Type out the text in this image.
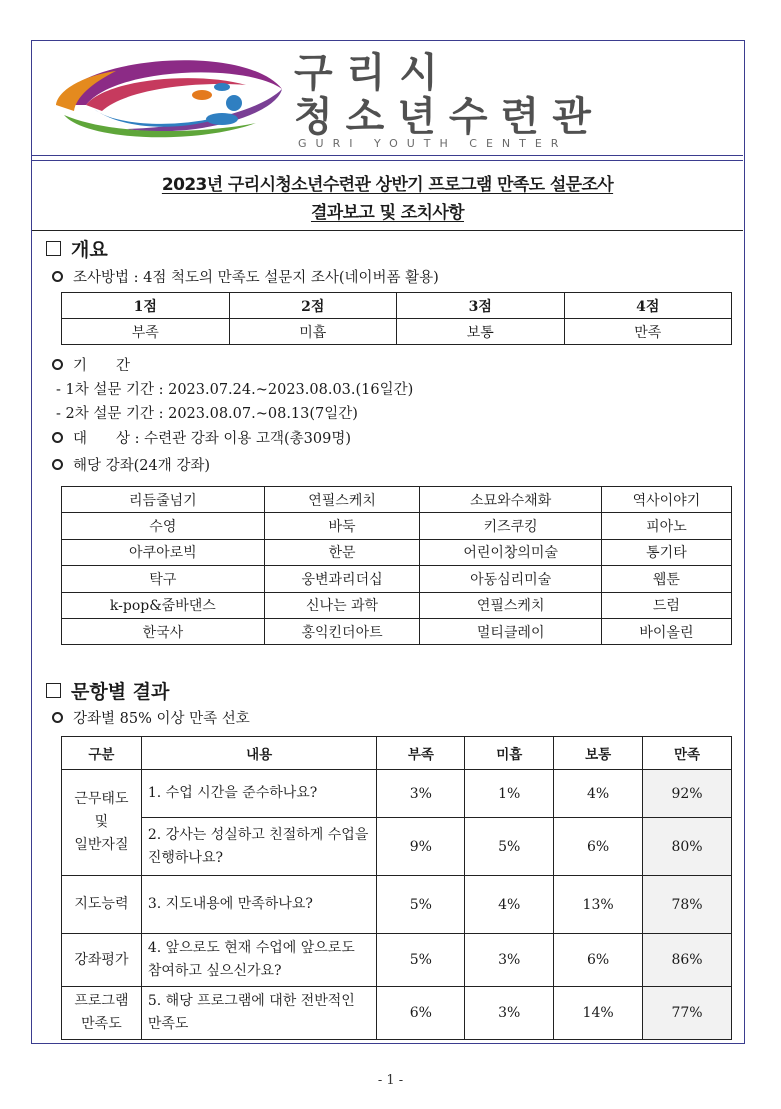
구리시
청소년수련관
GURI YOUTH CENTER
2023년 구리시청소년수련관 상반기 프로그램 만족도 설문조사
결과보고 및 조치사항
개요
조사방법 : 4점 척도의 만족도 설문지 조사(네이버폼 활용)
1점	2점	3점	4점
부족	미흡	보통	만족
기　　간
- 1차 설문 기간 : 2023.07.24.~2023.08.03.(16일간)
- 2차 설문 기간 : 2023.08.07.~08.13(7일간)
대　　상 : 수련관 강좌 이용 고객(총309명)
해당 강좌(24개 강좌)
리듬줄넘기	연필스케치	소묘와수채화	역사이야기
수영	바둑	키즈쿠킹	피아노
아쿠아로빅	한문	어린이창의미술	통기타
탁구	웅변과리더십	아동심리미술	웹툰
k-pop&줌바댄스	신나는 과학	연필스케치	드럼
한국사	홍익킨더아트	멀티클레이	바이올린
문항별 결과
강좌별 85% 이상 만족 선호
구분	내용	부족	미흡	보통	만족
근무태도
및
일반자질	1. 수업 시간을 준수하나요?	3%	1%	4%	92%
	2. 강사는 성실하고 친절하게 수업을 진행하나요?	9%	5%	6%	80%
지도능력	3. 지도내용에 만족하나요?	5%	4%	13%	78%
강좌평가	4. 앞으로도 현재 수업에 앞으로도 참여하고 싶으신가요?	5%	3%	6%	86%
프로그램
만족도	5. 해당 프로그램에 대한 전반적인 만족도	6%	3%	14%	77%
- 1 -
